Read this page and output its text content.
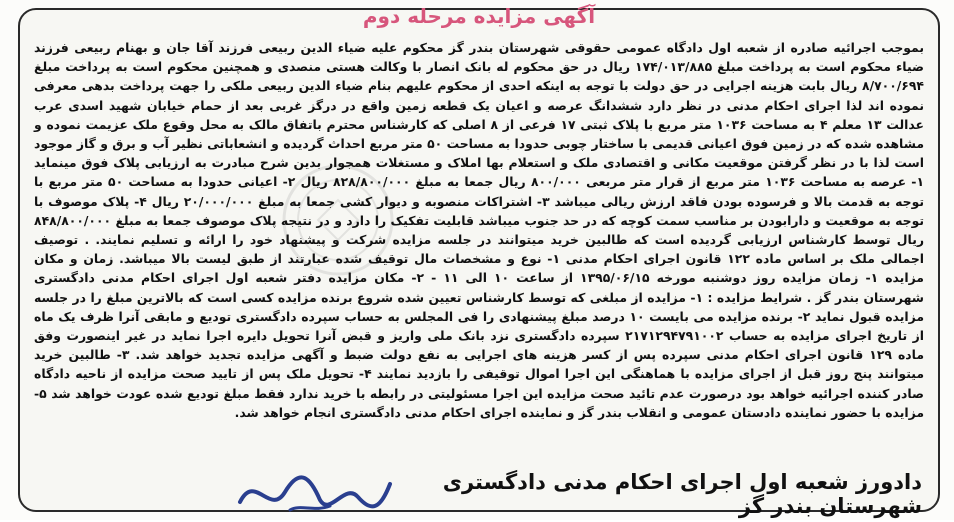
آگهی مزایده مرحله دوم

بموجب اجرائیه صادره از شعبه اول دادگاه عمومی حقوقی شهرستان بندر گز محکوم علیه ضیاء الدین ربیعی فرزند آقا جان و بهنام ربیعی فرزند ضیاء محکوم است به پرداخت مبلغ ۱۷۴/۰۱۳/۸۸۵ ریال در حق محکوم له بانک انصار با وکالت هستی منصدی و همچنین محکوم است به پرداخت مبلغ ۸/۷۰۰/۶۹۴ ریال بابت هزینه اجرایی در حق دولت با توجه به اینکه احدی از محکوم علیهم بنام ضیاء الدین ربیعی ملکی را جهت پرداخت بدهی معرفی نموده اند لذا اجرای احکام مدنی در نظر دارد ششدانگ عرصه و اعیان یک قطعه زمین واقع در درگز غربی بعد از حمام خیابان شهید اسدی عرب عدالت ۱۳ معلم ۴ به مساحت ۱۰۳۶ متر مربع با پلاک ثبتی ۱۷ فرعی از ۸ اصلی که کارشناس محترم باتفاق مالک به محل وقوع ملک عزیمت نموده و مشاهده شده که در زمین فوق اعیانی قدیمی با ساختار چوبی حدودا به مساحت ۵۰ متر مربع احداث گردیده و انشعاباتی نظیر آب و برق و گاز موجود است لذا با در نظر گرفتن موقعیت مکانی و اقتصادی ملک و استعلام بها املاک و مستغلات همجوار بدین شرح مبادرت به ارزیابی پلاک فوق مینماید ۱- عرصه به مساحت ۱۰۳۶ متر مربع از قرار متر مربعی ۸۰۰/۰۰۰ ریال جمعا به مبلغ ۸۲۸/۸۰۰/۰۰۰ ریال ۲- اعیانی حدودا به مساحت ۵۰ متر مربع با توجه به قدمت بالا و فرسوده بودن فاقد ارزش ریالی میباشد ۳- اشتراکات منصوبه و دیوار کشی جمعا به مبلغ ۲۰/۰۰۰/۰۰۰ ریال ۴- پلاک موصوف با توجه به موقعیت و دارابودن بر مناسب سمت کوچه که در حد جنوب میباشد قابلیت تفکیک را دارد و در نتیجه پلاک موصوف جمعا به مبلغ ۸۴۸/۸۰۰/۰۰۰ ریال توسط کارشناس ارزیابی گردیده است که طالبین خرید میتوانند در جلسه مزایده شرکت و پیشنهاد خود را ارائه و تسلیم نمایند. . توصیف اجمالی ملک بر اساس ماده ۱۲۲ قانون اجرای احکام مدنی ۱- نوع و مشخصات مال توقیف شده عبارتند از طبق لیست بالا میباشد. زمان و مکان مزایده ۱- زمان مزایده روز دوشنبه مورخه ۱۳۹۵/۰۶/۱۵ از ساعت ۱۰ الی ۱۱ - ۲- مکان مزایده دفتر شعبه اول اجرای احکام مدنی دادگستری شهرستان بندر گز . شرایط مزایده : ۱- مزایده از مبلغی که توسط کارشناس تعیین شده شروع برنده مزایده کسی است که بالاترین مبلغ را در جلسه مزایده قبول نماید ۲- برنده مزایده می بایست ۱۰ درصد مبلغ پیشنهادی را فی المجلس به حساب سپرده دادگستری تودیع و مابقی آنرا ظرف یک ماه از تاریخ اجرای مزایده به حساب ۲۱۷۱۲۹۴۷۹۱۰۰۲ سپرده دادگستری نزد بانک ملی واریز و قبض آنرا تحویل دایره اجرا نماید در غیر اینصورت وفق ماده ۱۲۹ قانون اجرای احکام مدنی سپرده پس از کسر هزینه های اجرایی به نفع دولت ضبط و آگهی مزایده تجدید خواهد شد. ۳- طالبین خرید میتوانند پنج روز قبل از اجرای مزایده با هماهنگی این اجرا اموال توقیفی را بازدید نمایند ۴- تحویل ملک پس از تایید صحت مزایده از ناحیه دادگاه صادر کننده اجرائیه خواهد بود درصورت عدم تائید صحت مزایده این اجرا مسئولیتی در رابطه با خرید ندارد فقط مبلغ تودیع شده عودت خواهد شد ۵- مزایده با حضور نماینده دادستان عمومی و انقلاب بندر گز و نماینده اجرای احکام مدنی دادگستری انجام خواهد شد.

دادورز شعبه اول اجرای احکام مدنی دادگستری شهرستان بندر گز
